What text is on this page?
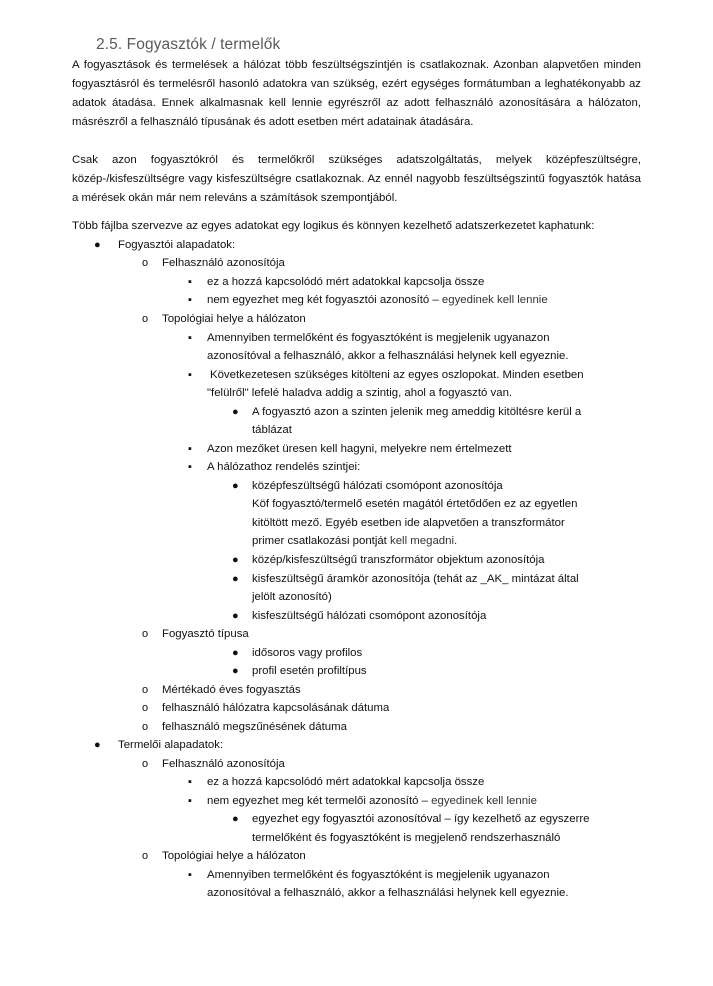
2.5. Fogyasztók / termelők

A fogyasztások és termelések a hálózat több feszültségszintjén is csatlakoznak. Azonban alapvetően minden fogyasztásról és termelésről hasonló adatokra van szükség, ezért egységes formátumban a leghatékonyabb az adatok átadása. Ennek alkalmasnak kell lennie egyrészről az adott felhasználó azonosítására a hálózaton, másrészről a felhasználó típusának és adott esetben mért adatainak átadására.

Csak azon fogyasztókról és termelőkről szükséges adatszolgáltatás, melyek középfeszültségre, közép-/kisfeszültségre vagy kisfeszültségre csatlakoznak. Az ennél nagyobb feszültségszintű fogyasztók hatása a mérések okán már nem releváns a számítások szempontjából.

Több fájlba szervezve az egyes adatokat egy logikus és könnyen kezelhető adatszerkezetet kaphatunk:

● Fogyasztói alapadatok:
o Felhasználó azonosítója
▪ ez a hozzá kapcsolódó mért adatokkal kapcsolja össze
▪ nem egyezhet meg két fogyasztói azonosító – egyedinek kell lennie
o Topológiai helye a hálózaton
▪ Amennyiben termelőként és fogyasztóként is megjelenik ugyanazon
azonosítóval a felhasználó, akkor a felhasználási helynek kell egyeznie.
▪ Következetesen szükséges kitölteni az egyes oszlopokat. Minden esetben
"felülről" lefelé haladva addig a szintig, ahol a fogyasztó van.
● A fogyasztó azon a szinten jelenik meg ameddig kitöltésre kerül a
táblázat
▪ Azon mezőket üresen kell hagyni, melyekre nem értelmezett
▪ A hálózathoz rendelés szintjei:
● középfeszültségű hálózati csomópont azonosítója
Köf fogyasztó/termelő esetén magától értetődően ez az egyetlen
kitöltött mező. Egyéb esetben ide alapvetően a transzformátor
primer csatlakozási pontját kell megadni.
● közép/kisfeszültségű transzformátor objektum azonosítója
● kisfeszültségű áramkör azonosítója (tehát az _AK_ mintázat által
jelölt azonosító)
● kisfeszültségű hálózati csomópont azonosítója
o Fogyasztó típusa
● idősoros vagy profilos
● profil esetén profiltípus
o Mértékadó éves fogyasztás
o felhasználó hálózatra kapcsolásának dátuma
o felhasználó megszűnésének dátuma
● Termelői alapadatok:
o Felhasználó azonosítója
▪ ez a hozzá kapcsolódó mért adatokkal kapcsolja össze
▪ nem egyezhet meg két termelői azonosító – egyedinek kell lennie
● egyezhet egy fogyasztói azonosítóval – így kezelhető az egyszerre
termelőként és fogyasztóként is megjelenő rendszerhasználó
o Topológiai helye a hálózaton
▪ Amennyiben termelőként és fogyasztóként is megjelenik ugyanazon
azonosítóval a felhasználó, akkor a felhasználási helynek kell egyeznie.
